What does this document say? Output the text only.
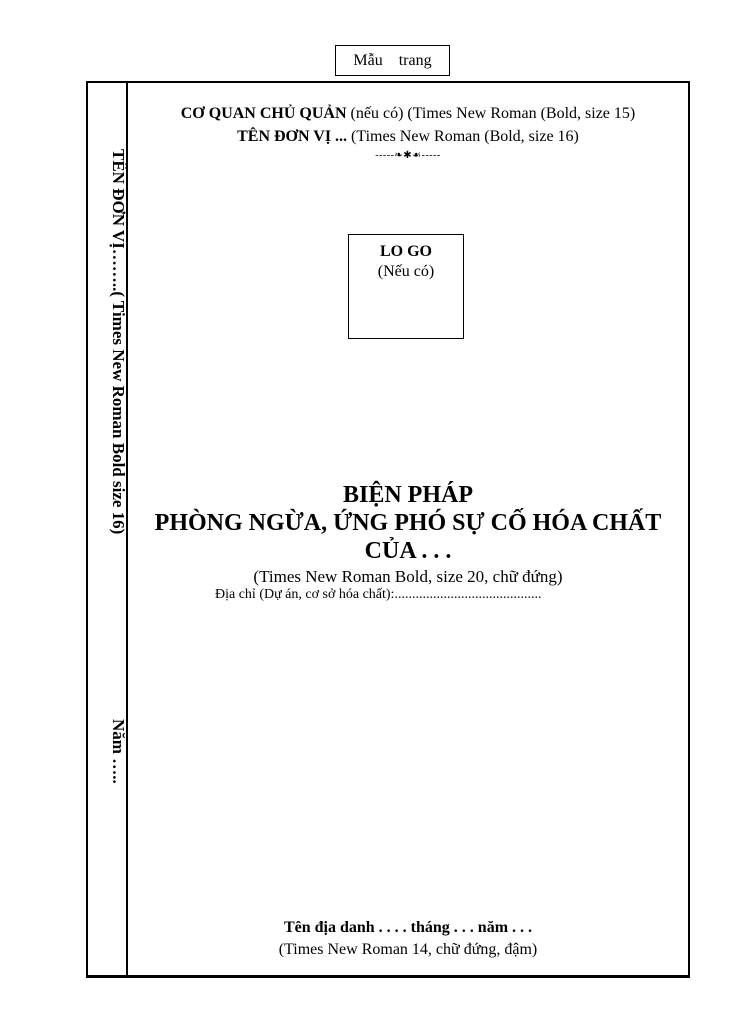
Mẫu trang
TÊN ĐƠN VỊ……..( Times New Roman Bold size 16)
Năm …..
CƠ QUAN CHỦ QUẢN (nếu có) (Times New Roman (Bold, size 15)
TÊN ĐƠN VỊ ... (Times New Roman (Bold, size 16)
-----❧✱☙-----
LO GO
(Nếu có)
BIỆN PHÁP
PHÒNG NGỪA, ỨNG PHÓ SỰ CỐ HÓA CHẤT
CỦA . . .
(Times New Roman Bold, size 20, chữ đứng)
Địa chỉ (Dự án, cơ sở hóa chất):..........................................
Tên địa danh . . . . tháng . . . năm . . .
(Times New Roman 14, chữ đứng, đậm)
